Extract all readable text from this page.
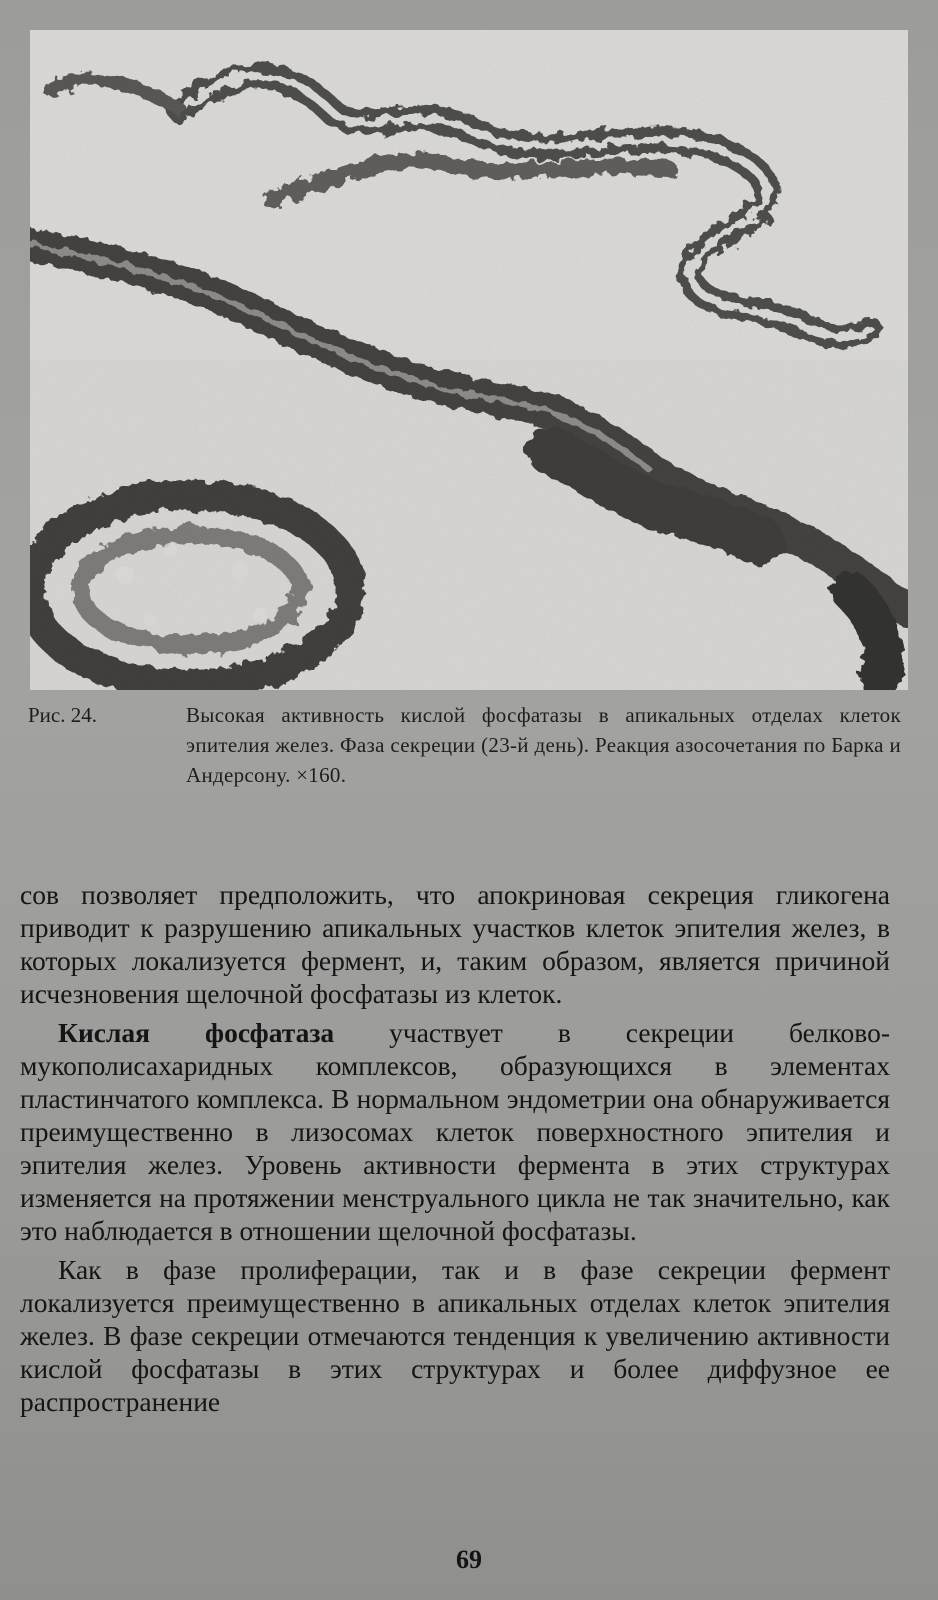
Рис. 24.	Высокая активность кислой фосфатазы в апикальных отделах клеток эпителия желез. Фаза секреции (23-й день). Реакция азосочетания по Барка и Андерсону. ×160.

сов позволяет предположить, что апокриновая секреция гликогена приводит к разрушению апикальных участков клеток эпителия желез, в которых локализуется фермент, и, таким образом, является причиной исчезновения щелочной фосфатазы из клеток.

Кислая фосфатаза участвует в секреции белково-мукополисахаридных комплексов, образующихся в элементах пластинчатого комплекса. В нормальном эндометрии она обнаруживается преимущественно в лизосомах клеток поверхностного эпителия и эпителия желез. Уровень активности фермента в этих структурах изменяется на протяжении менструального цикла не так значительно, как это наблюдается в отношении щелочной фосфатазы.

Как в фазе пролиферации, так и в фазе секреции фермент локализуется преимущественно в апикальных отделах клеток эпителия желез. В фазе секреции отмечаются тенденция к увеличению активности кислой фосфатазы в этих структурах и более диффузное ее распространение

69
